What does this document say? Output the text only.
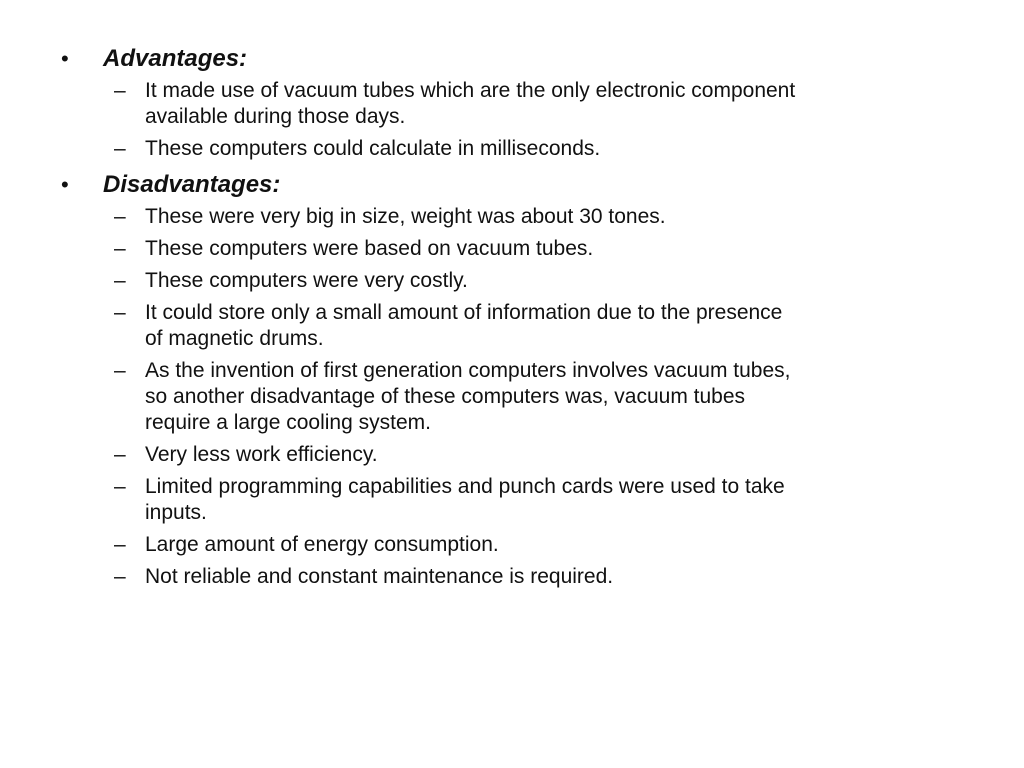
•	Advantages:
– It made use of vacuum tubes which are the only electronic component
available during those days.
– These computers could calculate in milliseconds.
•	Disadvantages:
– These were very big in size, weight was about 30 tones.
– These computers were based on vacuum tubes.
– These computers were very costly.
– It could store only a small amount of information due to the presence
of magnetic drums.
– As the invention of first generation computers involves vacuum tubes,
so another disadvantage of these computers was, vacuum tubes
require a large cooling system.
– Very less work efficiency.
– Limited programming capabilities and punch cards were used to take
inputs.
– Large amount of energy consumption.
– Not reliable and constant maintenance is required.
